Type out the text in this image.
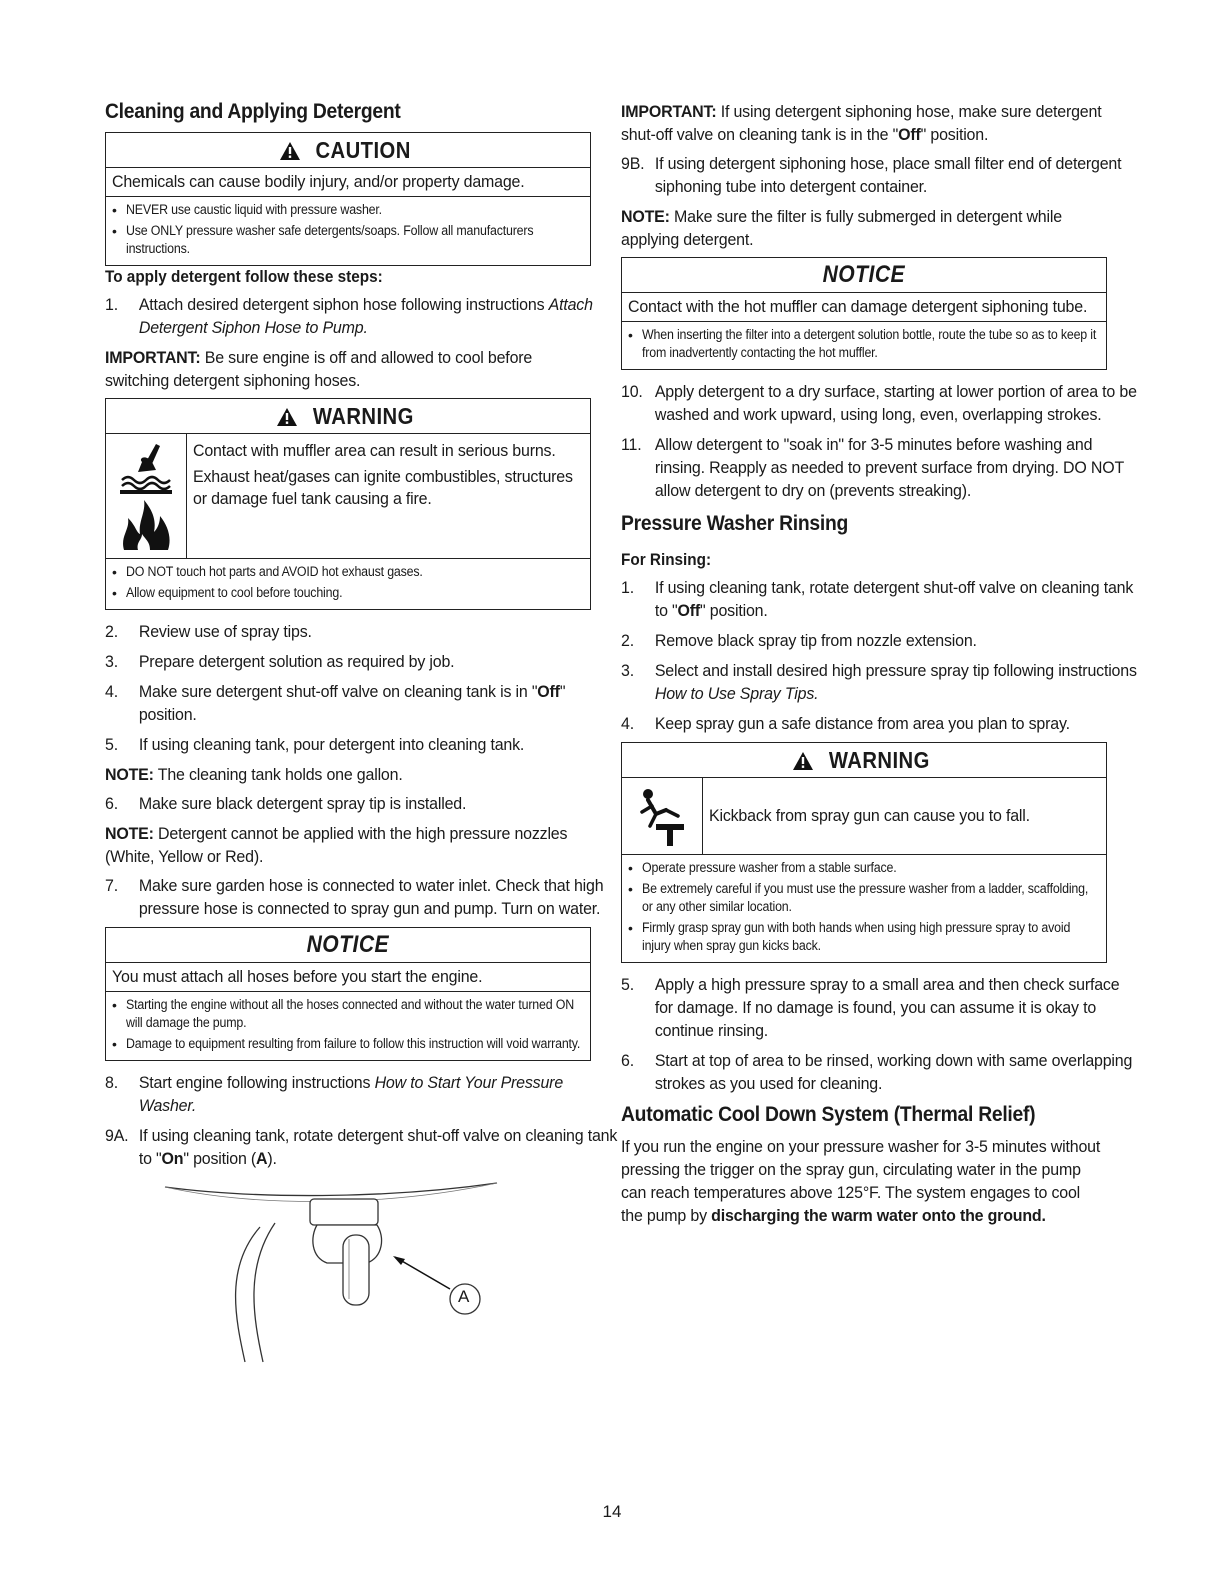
Cleaning and Applying Detergent
CAUTION
Chemicals can cause bodily injury, and/or property damage.
• NEVER use caustic liquid with pressure washer.
• Use ONLY pressure washer safe detergents/soaps. Follow all manufacturers instructions.
To apply detergent follow these steps:
1. Attach desired detergent siphon hose following instructions Attach Detergent Siphon Hose to Pump.

IMPORTANT: Be sure engine is off and allowed to cool before switching detergent siphoning hoses.

WARNING
Contact with muffler area can result in serious burns.
Exhaust heat/gases can ignite combustibles, structures or damage fuel tank causing a fire.
• DO NOT touch hot parts and AVOID hot exhaust gases.
• Allow equipment to cool before touching.
2. Review use of spray tips.
3. Prepare detergent solution as required by job.
4. Make sure detergent shut-off valve on cleaning tank is in "Off" position.
5. If using cleaning tank, pour detergent into cleaning tank.

NOTE: The cleaning tank holds one gallon.

6. Make sure black detergent spray tip is installed.

NOTE: Detergent cannot be applied with the high pressure nozzles (White, Yellow or Red).

7. Make sure garden hose is connected to water inlet. Check that high pressure hose is connected to spray gun and pump. Turn on water.
NOTICE
You must attach all hoses before you start the engine.
• Starting the engine without all the hoses connected and without the water turned ON will damage the pump.
• Damage to equipment resulting from failure to follow this instruction will void warranty.
8. Start engine following instructions How to Start Your Pressure Washer.
9A. If using cleaning tank, rotate detergent shut-off valve on cleaning tank to "On" position (A).
A

IMPORTANT: If using detergent siphoning hose, make sure detergent shut-off valve on cleaning tank is in the "Off" position.

9B. If using detergent siphoning hose, place small filter end of detergent siphoning tube into detergent container.

NOTE: Make sure the filter is fully submerged in detergent while applying detergent.

NOTICE
Contact with the hot muffler can damage detergent siphoning tube.
• When inserting the filter into a detergent solution bottle, route the tube so as to keep it from inadvertently contacting the hot muffler.
10. Apply detergent to a dry surface, starting at lower portion of area to be washed and work upward, using long, even, overlapping strokes.
11. Allow detergent to "soak in" for 3-5 minutes before washing and rinsing. Reapply as needed to prevent surface from drying. DO NOT allow detergent to dry on (prevents streaking).
Pressure Washer Rinsing
For Rinsing:
1. If using cleaning tank, rotate detergent shut-off valve on cleaning tank to "Off" position.
2. Remove black spray tip from nozzle extension.
3. Select and install desired high pressure spray tip following instructions How to Use Spray Tips.
4. Keep spray gun a safe distance from area you plan to spray.
WARNING
Kickback from spray gun can cause you to fall.
• Operate pressure washer from a stable surface.
• Be extremely careful if you must use the pressure washer from a ladder, scaffolding, or any other similar location.
• Firmly grasp spray gun with both hands when using high pressure spray to avoid injury when spray gun kicks back.
5. Apply a high pressure spray to a small area and then check surface for damage. If no damage is found, you can assume it is okay to continue rinsing.
6. Start at top of area to be rinsed, working down with same overlapping strokes as you used for cleaning.
Automatic Cool Down System (Thermal Relief)

If you run the engine on your pressure washer for 3-5 minutes without pressing the trigger on the spray gun, circulating water in the pump can reach temperatures above 125°F. The system engages to cool the pump by discharging the warm water onto the ground.

14
